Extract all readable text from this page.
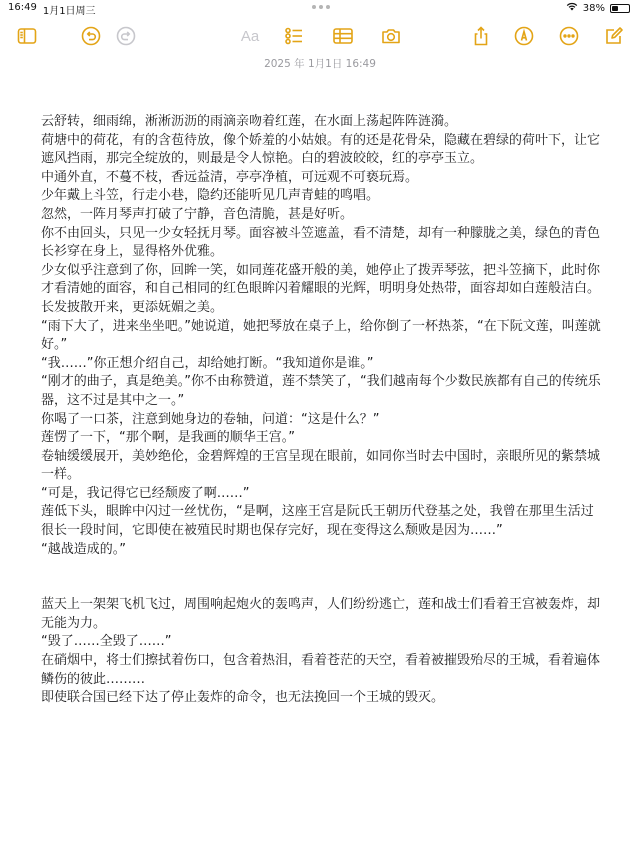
16:49 1月1日周三	38%
Aa
2025 年 1月1日 16:49

云舒转，细雨绵，淅淅沥沥的雨滴亲吻着红莲，在水面上荡起阵阵涟漪。

荷塘中的荷花，有的含苞待放，像个娇羞的小姑娘。有的还是花骨朵，隐藏在碧绿的荷叶下，让它遮风挡雨，那完全绽放的，则最是令人惊艳。白的碧波皎皎，红的亭亭玉立。

中通外直，不蔓不枝，香远益清，亭亭净植，可远观不可亵玩焉。

少年戴上斗笠，行走小巷，隐约还能听见几声青蛙的鸣唱。

忽然，一阵月琴声打破了宁静，音色清脆，甚是好听。

你不由回头，只见一少女轻抚月琴。面容被斗笠遮盖，看不清楚，却有一种朦胧之美，绿色的青色长衫穿在身上，显得格外优雅。

少女似乎注意到了你，回眸一笑，如同莲花盛开般的美，她停止了拨弄琴弦，把斗笠摘下，此时你才看清她的面容，和自己相同的红色眼眸闪着耀眼的光辉，明明身处热带，面容却如白莲般洁白。长发披散开来，更添妩媚之美。

“雨下大了，进来坐坐吧。”她说道，她把琴放在桌子上，给你倒了一杯热茶，“在下阮文莲，叫莲就好。”

“我……”你正想介绍自己，却给她打断。“我知道你是谁。”

“刚才的曲子，真是绝美。”你不由称赞道，莲不禁笑了，“我们越南每个少数民族都有自己的传统乐器，这不过是其中之一。”

你喝了一口茶，注意到她身边的卷轴，问道：“这是什么？”

莲愣了一下，“那个啊，是我画的顺华王宫。”

卷轴缓缓展开，美妙绝伦，金碧辉煌的王宫呈现在眼前，如同你当时去中国时，亲眼所见的紫禁城一样。

“可是，我记得它已经颓废了啊……”

莲低下头，眼眸中闪过一丝忧伤，“是啊，这座王宫是阮氏王朝历代登基之处，我曾在那里生活过很长一段时间，它即使在被殖民时期也保存完好，现在变得这么颓败是因为……”

“越战造成的。”

蓝天上一架架飞机飞过，周围响起炮火的轰鸣声，人们纷纷逃亡，莲和战士们看着王宫被轰炸，却无能为力。

“毁了……全毁了……”

在硝烟中，将士们擦拭着伤口，包含着热泪，看着苍茫的天空，看着被摧毁殆尽的王城，看着遍体鳞伤的彼此………

即使联合国已经下达了停止轰炸的命令，也无法挽回一个王城的毁灭。
